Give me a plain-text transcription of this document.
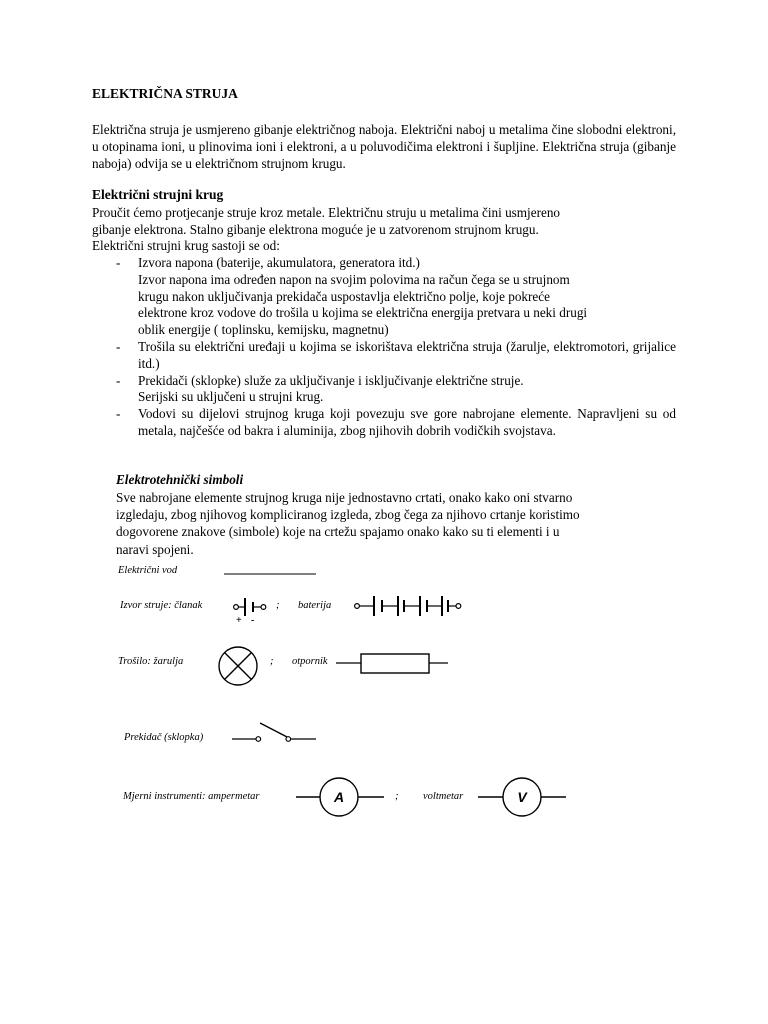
ELEKTRIČNA STRUJA

Električna struja je usmjereno gibanje električnog naboja. Električni naboj u metalima čine slobodni elektroni, u otopinama ioni, u plinovima ioni i elektroni, a u poluvodičima elektroni i šupljine. Električna struja (gibanje naboja) odvija se u električnom strujnom krugu.

Električni strujni krug

Proučit ćemo protjecanje struje kroz metale. Električnu struju u metalima čini usmjereno
gibanje elektrona. Stalno gibanje elektrona moguće je u zatvorenom strujnom krugu.
Električni strujni krug sastoji se od:

- Izvora napona (baterije, akumulatora, generatora itd.)
Izvor napona ima određen napon na svojim polovima na račun čega se u strujnom
krugu nakon uključivanja prekidača uspostavlja električno polje, koje pokreće
elektrone kroz vodove do trošila u kojima se električna energija pretvara u neki drugi
oblik energije ( toplinsku, kemijsku, magnetnu)
- Trošila su električni uređaji u kojima se iskorištava električna struja (žarulje, elektromotori, grijalice itd.)
- Prekidači (sklopke) služe za uključivanje i isključivanje električne struje.
Serijski su uključeni u strujni krug.
- Vodovi su dijelovi strujnog kruga koji povezuju sve gore nabrojane elemente. Napravljeni su od metala, najčešće od bakra i aluminija, zbog njihovih dobrih vodičkih svojstava.
Elektrotehnički simboli

Sve nabrojane elemente strujnog kruga nije jednostavno crtati, onako kako oni stvarno
izgledaju, zbog njihovog kompliciranog izgleda, zbog čega za njihovo crtanje koristimo
dogovorene znakove (simbole) koje na crtežu spajamo onako kako su ti elementi i u
naravi spojeni.

Električni vod
Izvor struje: članak	; baterija
+ -
Trošilo: žarulja	; otpornik
Prekidač (sklopka)
Mjerni instrumenti: ampermetar	; voltmetar
A	V
